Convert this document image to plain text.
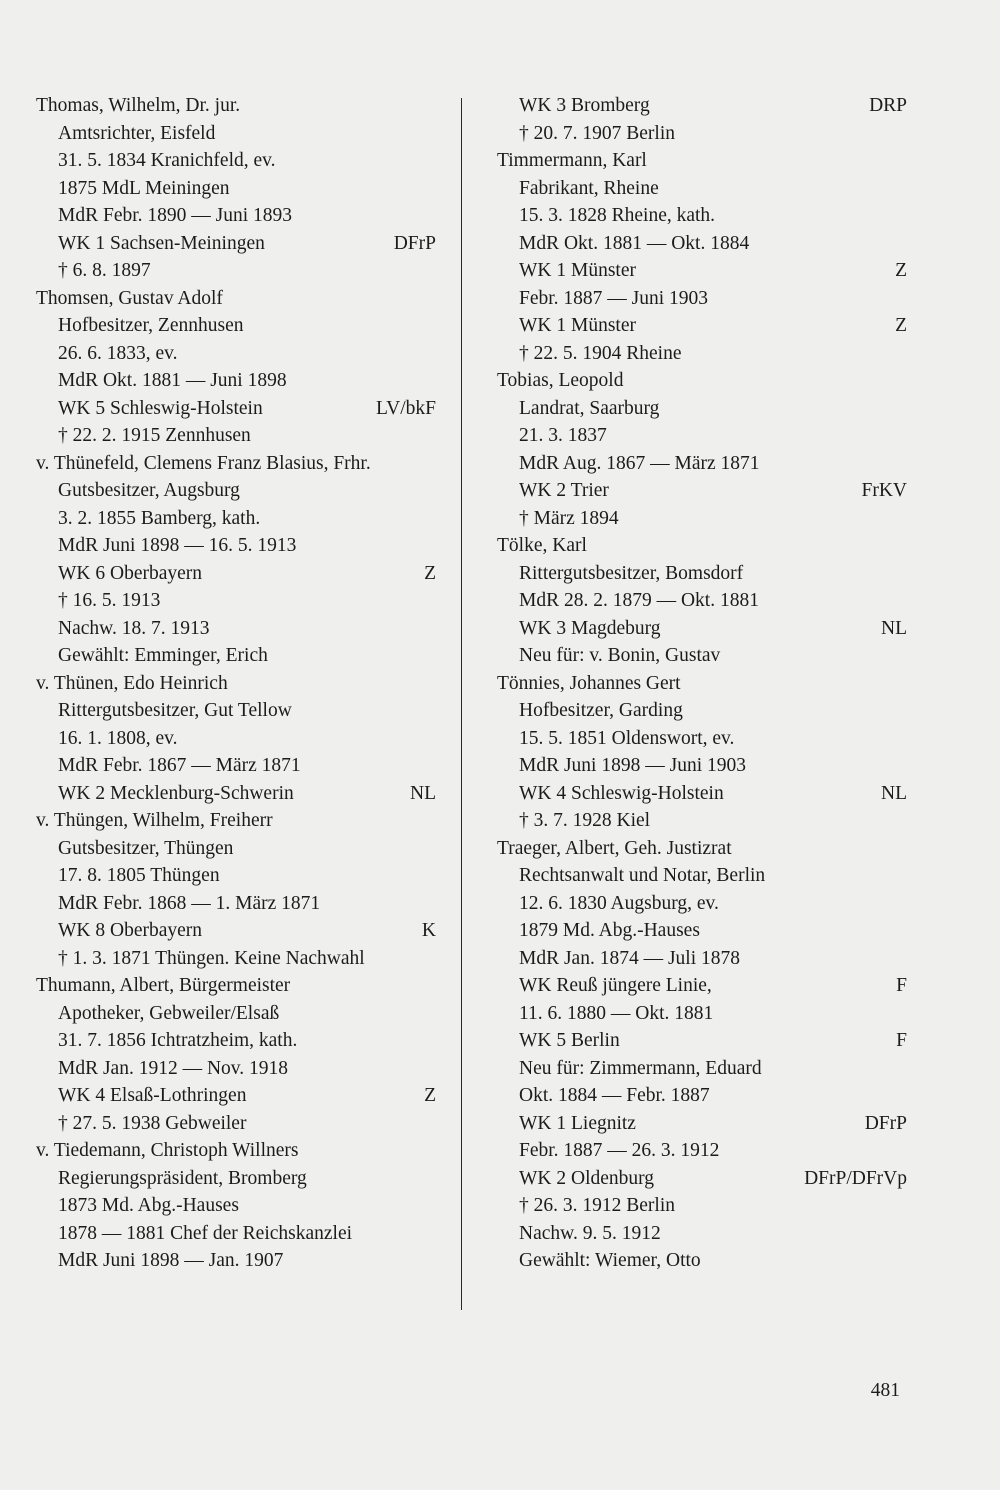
Thomas, Wilhelm, Dr. jur.
Amtsrichter, Eisfeld
31. 5. 1834 Kranichfeld, ev.
1875 MdL Meiningen
MdR Febr. 1890 — Juni 1893
WK 1 Sachsen-Meiningen	DFrP
† 6. 8. 1897
Thomsen, Gustav Adolf
Hofbesitzer, Zennhusen
26. 6. 1833, ev.
MdR Okt. 1881 — Juni 1898
WK 5 Schleswig-Holstein	LV/bkF
† 22. 2. 1915 Zennhusen
v. Thünefeld, Clemens Franz Blasius, Frhr.
Gutsbesitzer, Augsburg
3. 2. 1855 Bamberg, kath.
MdR Juni 1898 — 16. 5. 1913
WK 6 Oberbayern	Z
† 16. 5. 1913
Nachw. 18. 7. 1913
Gewählt: Emminger, Erich
v. Thünen, Edo Heinrich
Rittergutsbesitzer, Gut Tellow
16. 1. 1808, ev.
MdR Febr. 1867 — März 1871
WK 2 Mecklenburg-Schwerin	NL
v. Thüngen, Wilhelm, Freiherr
Gutsbesitzer, Thüngen
17. 8. 1805 Thüngen
MdR Febr. 1868 — 1. März 1871
WK 8 Oberbayern	K
† 1. 3. 1871 Thüngen. Keine Nachwahl
Thumann, Albert, Bürgermeister
Apotheker, Gebweiler/Elsaß
31. 7. 1856 Ichtratzheim, kath.
MdR Jan. 1912 — Nov. 1918
WK 4 Elsaß-Lothringen	Z
† 27. 5. 1938 Gebweiler
v. Tiedemann, Christoph Willners
Regierungspräsident, Bromberg
1873 Md. Abg.-Hauses
1878 — 1881 Chef der Reichskanzlei
MdR Juni 1898 — Jan. 1907
WK 3 Bromberg	DRP
† 20. 7. 1907 Berlin
Timmermann, Karl
Fabrikant, Rheine
15. 3. 1828 Rheine, kath.
MdR Okt. 1881 — Okt. 1884
WK 1 Münster	Z
Febr. 1887 — Juni 1903
WK 1 Münster	Z
† 22. 5. 1904 Rheine
Tobias, Leopold
Landrat, Saarburg
21. 3. 1837
MdR Aug. 1867 — März 1871
WK 2 Trier	FrKV
† März 1894
Tölke, Karl
Rittergutsbesitzer, Bomsdorf
MdR 28. 2. 1879 — Okt. 1881
WK 3 Magdeburg	NL
Neu für: v. Bonin, Gustav
Tönnies, Johannes Gert
Hofbesitzer, Garding
15. 5. 1851 Oldenswort, ev.
MdR Juni 1898 — Juni 1903
WK 4 Schleswig-Holstein	NL
† 3. 7. 1928 Kiel
Traeger, Albert, Geh. Justizrat
Rechtsanwalt und Notar, Berlin
12. 6. 1830 Augsburg, ev.
1879 Md. Abg.-Hauses
MdR Jan. 1874 — Juli 1878
WK Reuß jüngere Linie,	F
11. 6. 1880 — Okt. 1881
WK 5 Berlin	F
Neu für: Zimmermann, Eduard
Okt. 1884 — Febr. 1887
WK 1 Liegnitz	DFrP
Febr. 1887 — 26. 3. 1912
WK 2 Oldenburg	DFrP/DFrVp
† 26. 3. 1912 Berlin
Nachw. 9. 5. 1912
Gewählt: Wiemer, Otto
481
